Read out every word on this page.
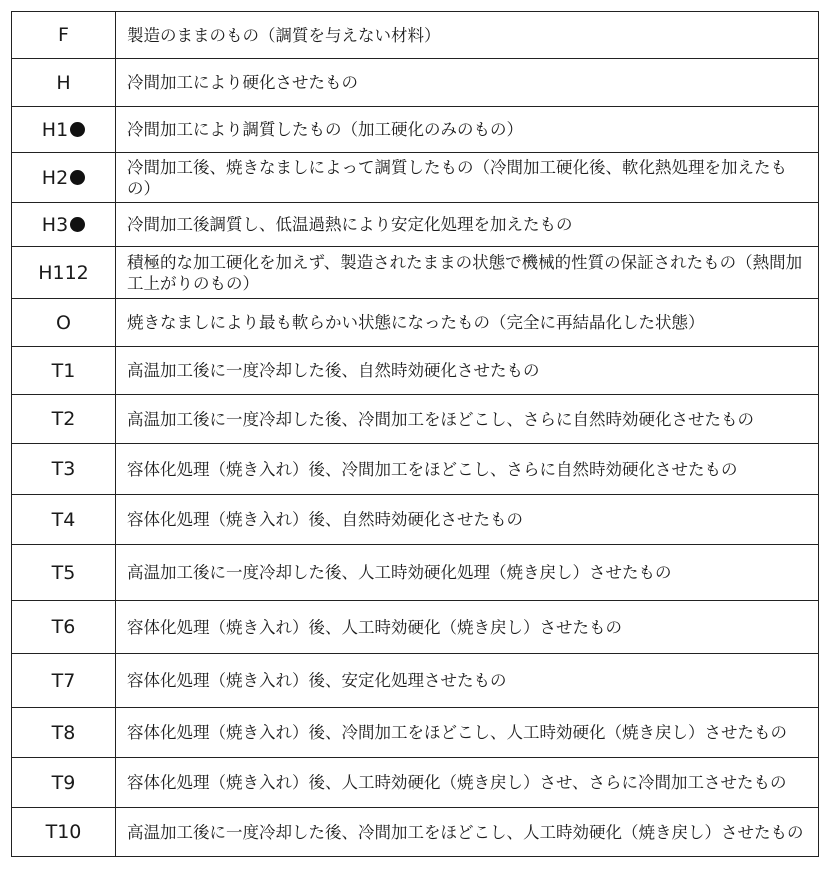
F	製造のままのもの（調質を与えない材料）

H	冷間加工により硬化させたもの

H1	冷間加工により調質したもの（加工硬化のみのもの）

H2	冷間加工後、焼きなましによって調質したもの（冷間加工硬化後、軟化熱処理を加えたもの）

H3	冷間加工後調質し、低温過熱により安定化処理を加えたもの

H112	積極的な加工硬化を加えず、製造されたままの状態で機械的性質の保証されたもの（熱間加工上がりのもの）

O	焼きなましにより最も軟らかい状態になったもの（完全に再結晶化した状態）

T1	高温加工後に一度冷却した後、自然時効硬化させたもの

T2	高温加工後に一度冷却した後、冷間加工をほどこし、さらに自然時効硬化させたもの

T3	容体化処理（焼き入れ）後、冷間加工をほどこし、さらに自然時効硬化させたもの

T4	容体化処理（焼き入れ）後、自然時効硬化させたもの

T5	高温加工後に一度冷却した後、人工時効硬化処理（焼き戻し）させたもの

T6	容体化処理（焼き入れ）後、人工時効硬化（焼き戻し）させたもの

T7	容体化処理（焼き入れ）後、安定化処理させたもの

T8	容体化処理（焼き入れ）後、冷間加工をほどこし、人工時効硬化（焼き戻し）させたもの

T9	容体化処理（焼き入れ）後、人工時効硬化（焼き戻し）させ、さらに冷間加工させたもの

T10	高温加工後に一度冷却した後、冷間加工をほどこし、人工時効硬化（焼き戻し）させたもの
